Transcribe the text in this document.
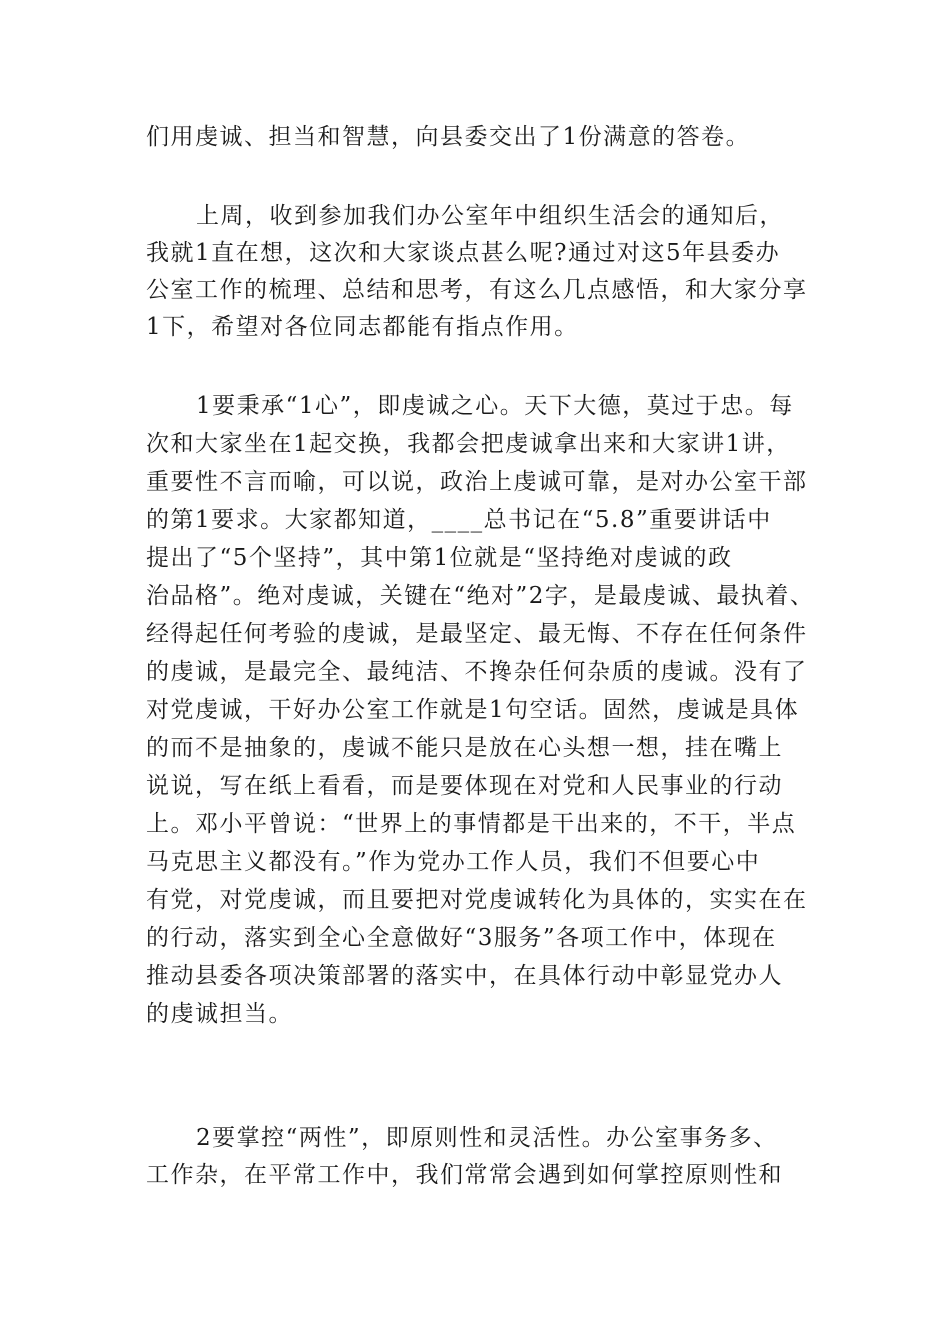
们用虔诚、担当和智慧，向县委交出了1份满意的答卷。
上周，收到参加我们办公室年中组织生活会的通知后，
我就1直在想，这次和大家谈点甚么呢?通过对这5年县委办
公室工作的梳理、总结和思考，有这么几点感悟，和大家分享
1下，希望对各位同志都能有指点作用。
1要秉承“1心”，即虔诚之心。天下大德，莫过于忠。每
次和大家坐在1起交换，我都会把虔诚拿出来和大家讲1讲，
重要性不言而喻，可以说，政治上虔诚可靠，是对办公室干部
的第1要求。大家都知道，____总书记在“5.8”重要讲话中
提出了“5个坚持”，其中第1位就是“坚持绝对虔诚的政
治品格”。绝对虔诚，关键在“绝对”2字，是最虔诚、最执着、
经得起任何考验的虔诚，是最坚定、最无悔、不存在任何条件
的虔诚，是最完全、最纯洁、不搀杂任何杂质的虔诚。没有了
对党虔诚，干好办公室工作就是1句空话。固然，虔诚是具体
的而不是抽象的，虔诚不能只是放在心头想一想，挂在嘴上
说说，写在纸上看看，而是要体现在对党和人民事业的行动
上。邓小平曾说：“世界上的事情都是干出来的，不干，半点
马克思主义都没有。”作为党办工作人员，我们不但要心中
有党，对党虔诚，而且要把对党虔诚转化为具体的，实实在在
的行动，落实到全心全意做好“3服务”各项工作中，体现在
推动县委各项决策部署的落实中，在具体行动中彰显党办人
的虔诚担当。
2要掌控“两性”，即原则性和灵活性。办公室事务多、
工作杂，在平常工作中，我们常常会遇到如何掌控原则性和
